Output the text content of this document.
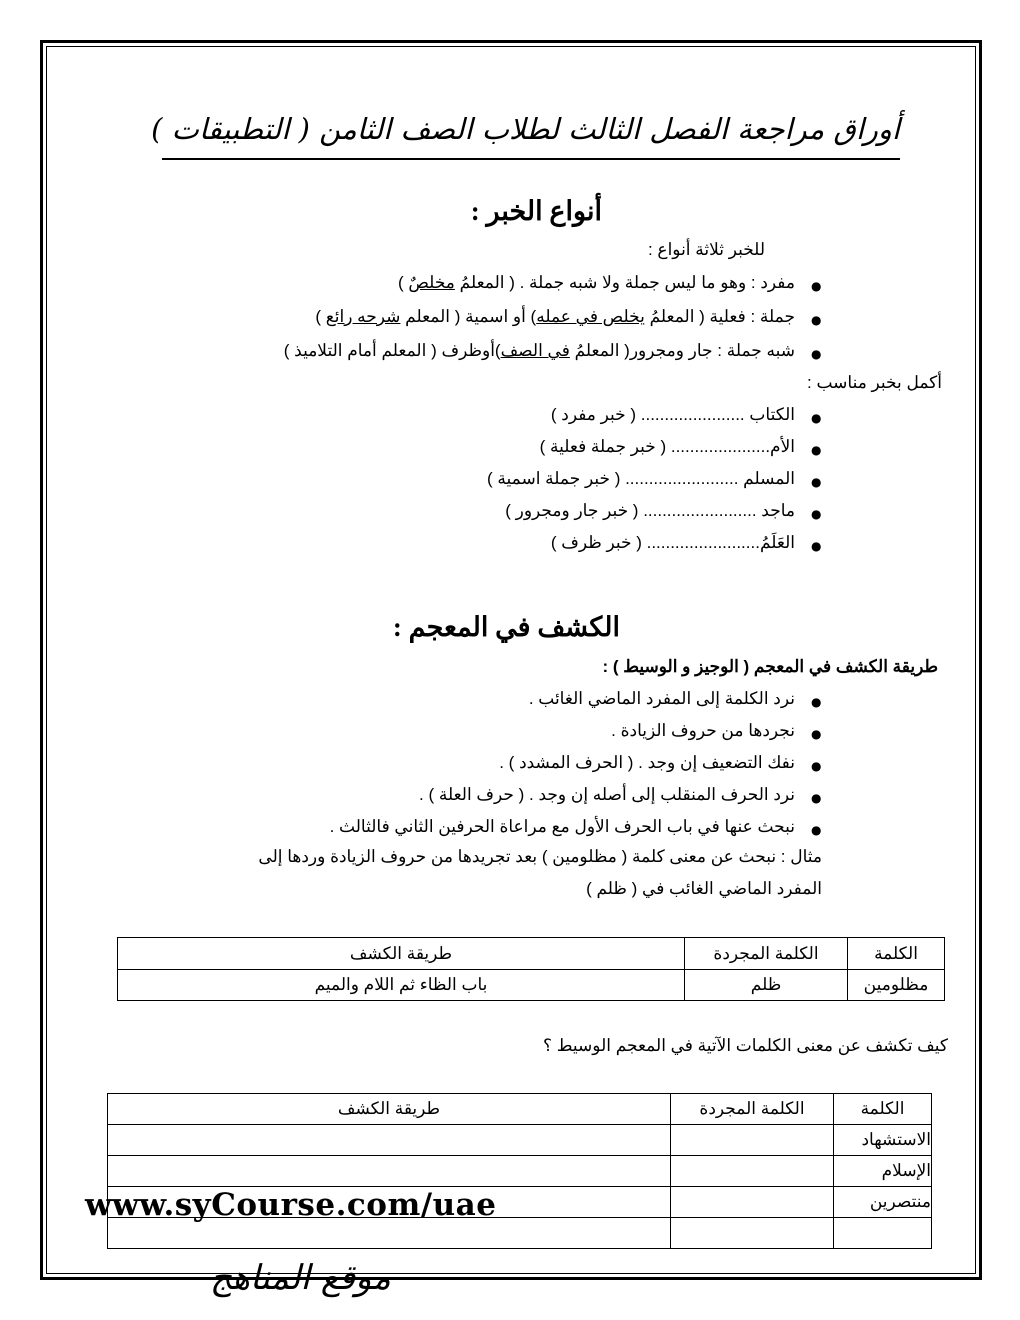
أوراق مراجعة الفصل الثالث لطلاب الصف الثامن ( التطبيقات )
أنواع الخبر :
للخبر ثلاثة أنواع :
●
مفرد : وهو ما ليس جملة ولا شبه جملة . ( المعلمُ مخلصٌ )
●
جملة : فعلية ( المعلمُ يخلص في عمله) أو اسمية ( المعلم شرحه رائع )
●
شبه جملة : جار ومجرور( المعلمُ في الصف)أوظرف ( المعلم أمام التلاميذ )
أكمل بخبر مناسب :
●
الكتاب ...................... ( خبر مفرد )
●
الأم..................... ( خبر جملة فعلية )
●
المسلم ........................ ( خبر جملة اسمية )
●
ماجد ........................ ( خبر جار ومجرور )
●
العَلَمُ........................ ( خبر ظرف )
الكشف في المعجم :
طريقة الكشف في المعجم ( الوجيز و الوسيط ) :
●
نرد الكلمة إلى المفرد الماضي الغائب .
●
نجردها من حروف الزيادة .
●
نفك التضعيف إن وجد . ( الحرف المشدد ) .
●
نرد الحرف المنقلب إلى أصله إن وجد . ( حرف العلة ) .
●
نبحث عنها في باب الحرف الأول مع مراعاة الحرفين الثاني فالثالث .
مثال : نبحث عن معنى كلمة ( مظلومين ) بعد تجريدها من حروف الزيادة وردها إلى
المفرد الماضي الغائب في ( ظلم )
الكلمة	الكلمة المجردة	طريقة الكشف
مظلومين	ظلم	باب الظاء ثم اللام والميم
كيف تكشف عن معنى الكلمات الآتية في المعجم الوسيط ؟
الكلمة	الكلمة المجردة	طريقة الكشف
الاستشهاد		
الإسلام		
منتصرين		

www.syCourse.com/uae
موقع المناهج
